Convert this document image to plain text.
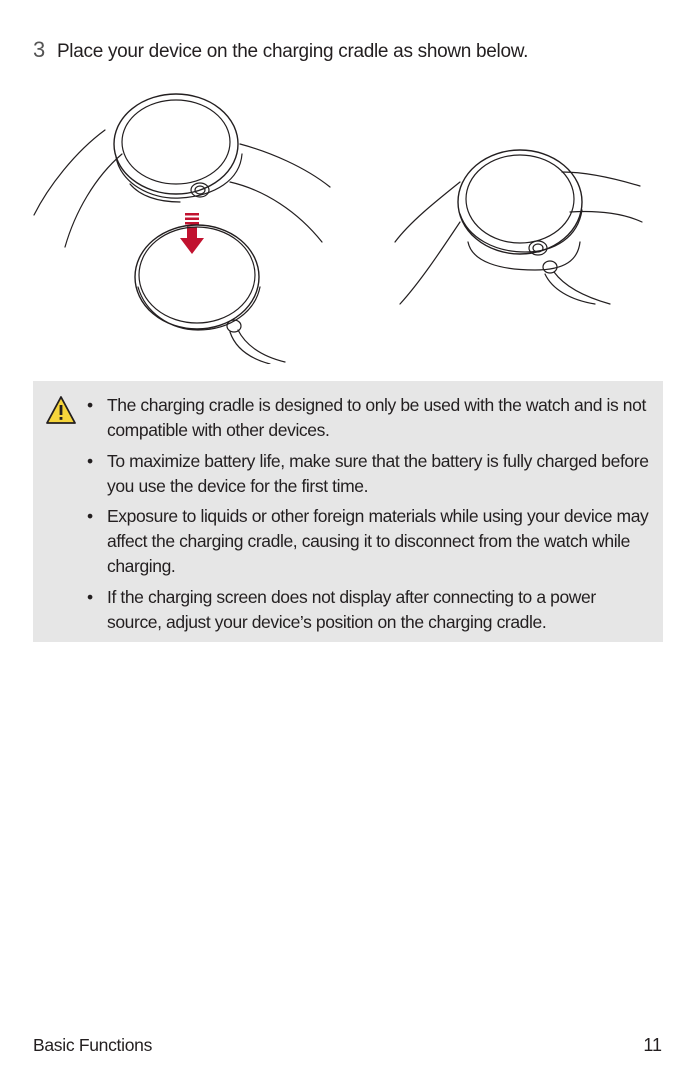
3 Place your device on the charging cradle as shown below.
• The charging cradle is designed to only be used with the watch and is not compatible with other devices.
• To maximize battery life, make sure that the battery is fully charged before you use the device for the first time.
• Exposure to liquids or other foreign materials while using your device may affect the charging cradle, causing it to disconnect from the watch while charging.
• If the charging screen does not display after connecting to a power source, adjust your device’s position on the charging cradle.
Basic Functions	11
